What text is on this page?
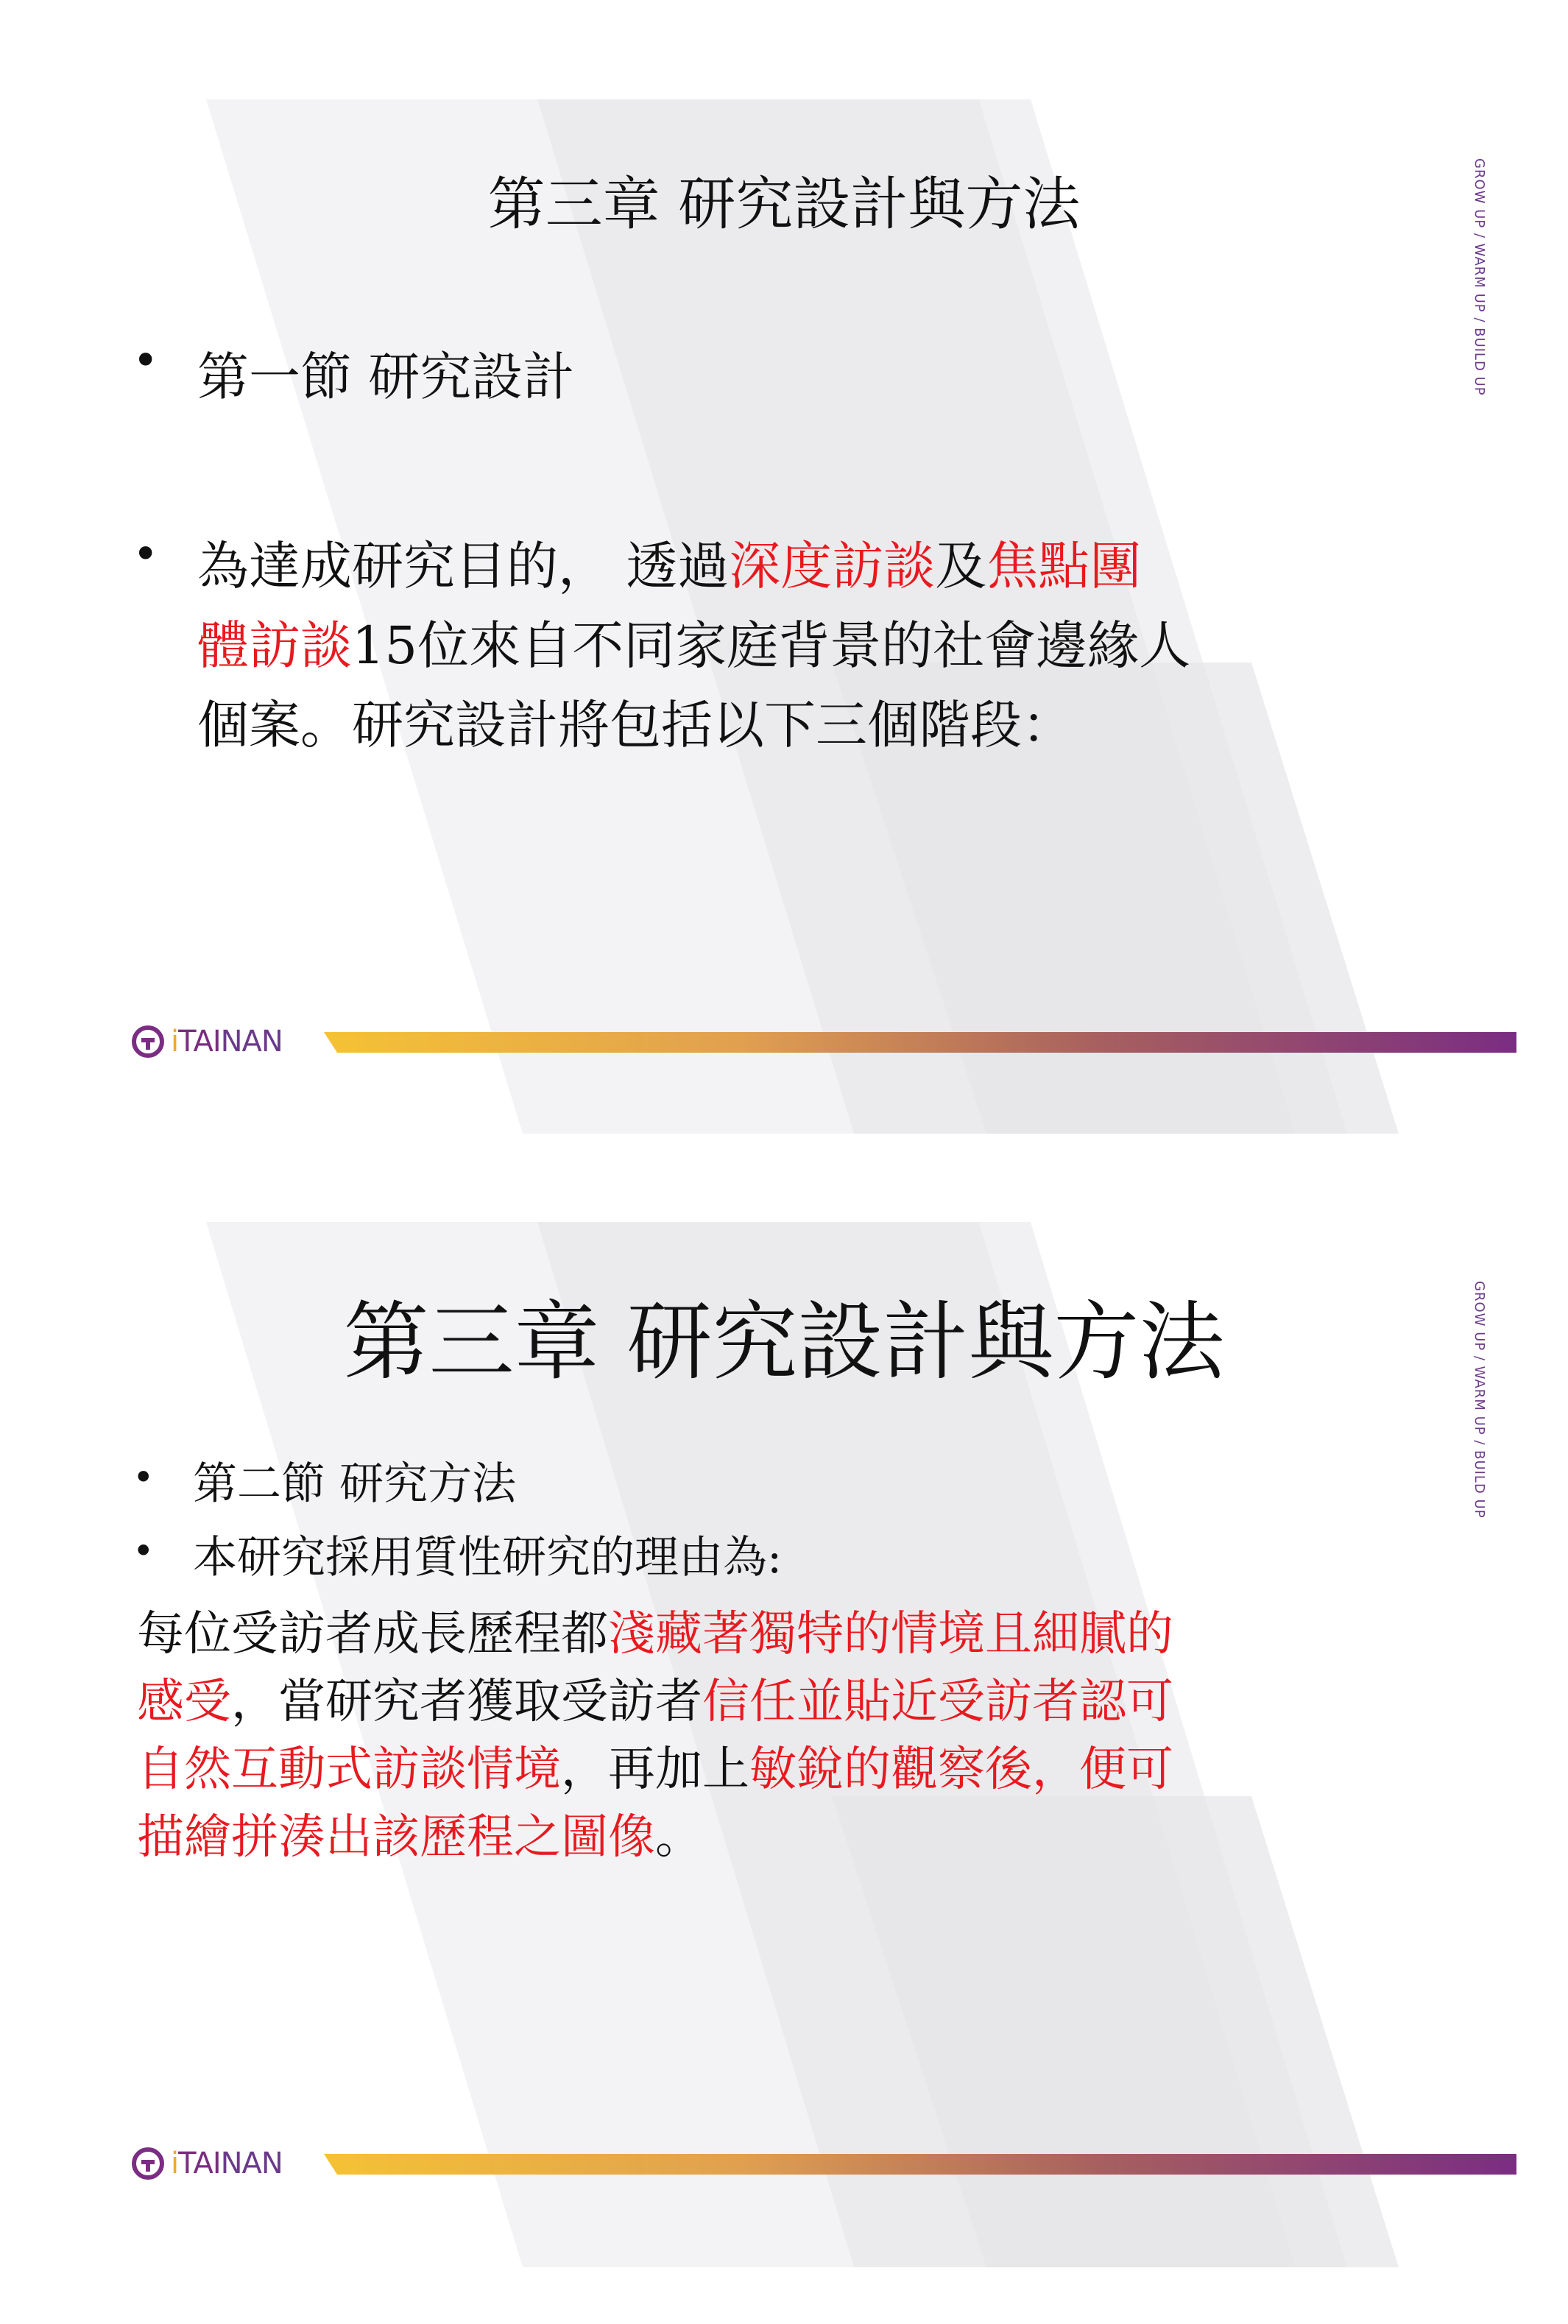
GROW UP / WARM UP / BUILD UP
第三章 研究設計與方法
• 第一節 研究設計

• 為達成研究目的， 透過深度訪談及焦點團
體訪談15位來自不同家庭背景的社會邊緣人
個案。研究設計將包括以下三個階段：
i TAI NAN
GROW UP / WARM UP / BUILD UP
第三章 研究設計與方法
• 第二節 研究方法

• 本研究採用質性研究的理由為:

每位受訪者成長歷程都淺藏著獨特的情境且細膩的
感受，當研究者獲取受訪者信任並貼近受訪者認可
自然互動式訪談情境，再加上敏銳的觀察後，便可
描繪拼湊出該歷程之圖像。
i TAI NAN
